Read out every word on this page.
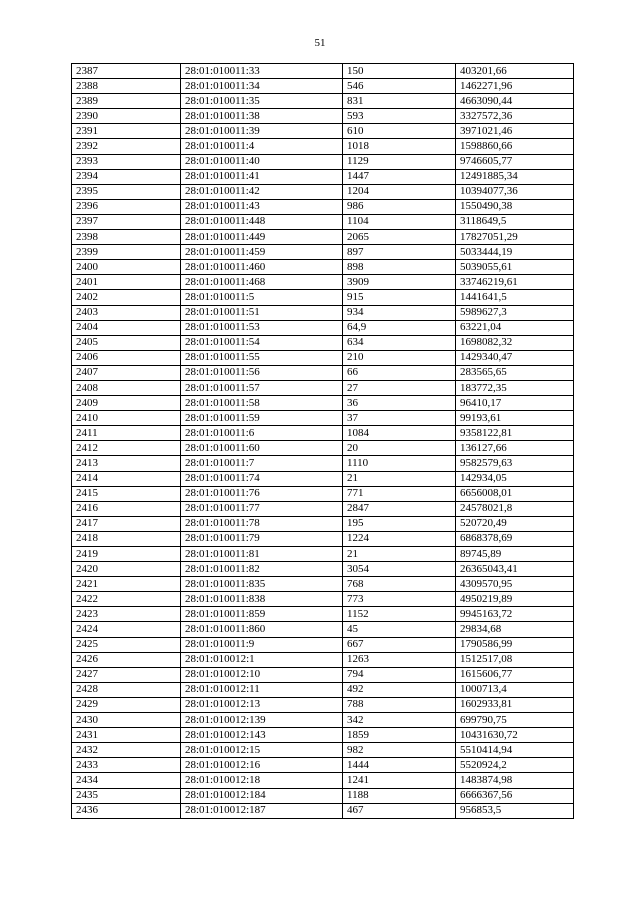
51
2387	28:01:010011:33	150	403201,66
2388	28:01:010011:34	546	1462271,96
2389	28:01:010011:35	831	4663090,44
2390	28:01:010011:38	593	3327572,36
2391	28:01:010011:39	610	3971021,46
2392	28:01:010011:4	1018	1598860,66
2393	28:01:010011:40	1129	9746605,77
2394	28:01:010011:41	1447	12491885,34
2395	28:01:010011:42	1204	10394077,36
2396	28:01:010011:43	986	1550490,38
2397	28:01:010011:448	1104	3118649,5
2398	28:01:010011:449	2065	17827051,29
2399	28:01:010011:459	897	5033444,19
2400	28:01:010011:460	898	5039055,61
2401	28:01:010011:468	3909	33746219,61
2402	28:01:010011:5	915	1441641,5
2403	28:01:010011:51	934	5989627,3
2404	28:01:010011:53	64,9	63221,04
2405	28:01:010011:54	634	1698082,32
2406	28:01:010011:55	210	1429340,47
2407	28:01:010011:56	66	283565,65
2408	28:01:010011:57	27	183772,35
2409	28:01:010011:58	36	96410,17
2410	28:01:010011:59	37	99193,61
2411	28:01:010011:6	1084	9358122,81
2412	28:01:010011:60	20	136127,66
2413	28:01:010011:7	1110	9582579,63
2414	28:01:010011:74	21	142934,05
2415	28:01:010011:76	771	6656008,01
2416	28:01:010011:77	2847	24578021,8
2417	28:01:010011:78	195	520720,49
2418	28:01:010011:79	1224	6868378,69
2419	28:01:010011:81	21	89745,89
2420	28:01:010011:82	3054	26365043,41
2421	28:01:010011:835	768	4309570,95
2422	28:01:010011:838	773	4950219,89
2423	28:01:010011:859	1152	9945163,72
2424	28:01:010011:860	45	29834,68
2425	28:01:010011:9	667	1790586,99
2426	28:01:010012:1	1263	1512517,08
2427	28:01:010012:10	794	1615606,77
2428	28:01:010012:11	492	1000713,4
2429	28:01:010012:13	788	1602933,81
2430	28:01:010012:139	342	699790,75
2431	28:01:010012:143	1859	10431630,72
2432	28:01:010012:15	982	5510414,94
2433	28:01:010012:16	1444	5520924,2
2434	28:01:010012:18	1241	1483874,98
2435	28:01:010012:184	1188	6666367,56
2436	28:01:010012:187	467	956853,5
